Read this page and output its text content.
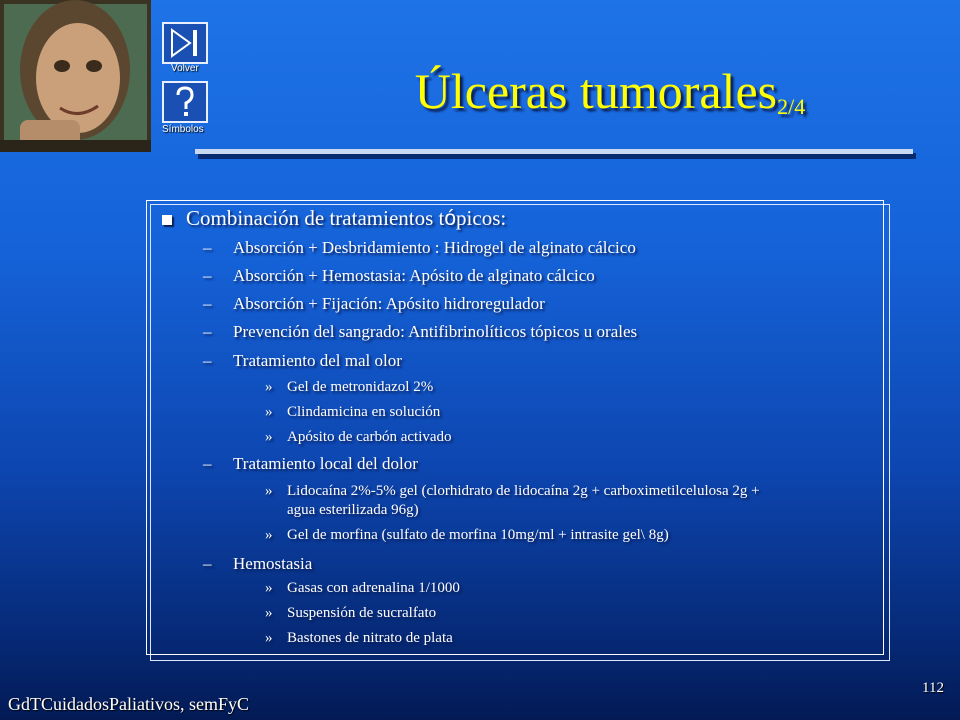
Volver
Símbolos
Úlceras tumorales$_{2/4}$
Combinación de tratamientos tópicos:
– Absorción + Desbridamiento : Hidrogel de alginato cálcico
– Absorción + Hemostasia: Apósito de alginato cálcico
– Absorción + Fijación: Apósito hidroregulador
– Prevención del sangrado: Antifibrinolíticos tópicos u orales
– Tratamiento del mal olor
» Gel de metronidazol 2%
» Clindamicina en solución
» Apósito de carbón activado
– Tratamiento local del dolor
» Lidocaína 2%-5% gel (clorhidrato de lidocaína 2g + carboximetilcelulosa 2g +
agua esterilizada 96g)
» Gel de morfina (sulfato de morfina 10mg/ml + intrasite gel\ 8g)
– Hemostasia
» Gasas con adrenalina 1/1000
» Suspensión de sucralfato
» Bastones de nitrato de plata
GdTCuidadosPaliativos, semFyC
112
